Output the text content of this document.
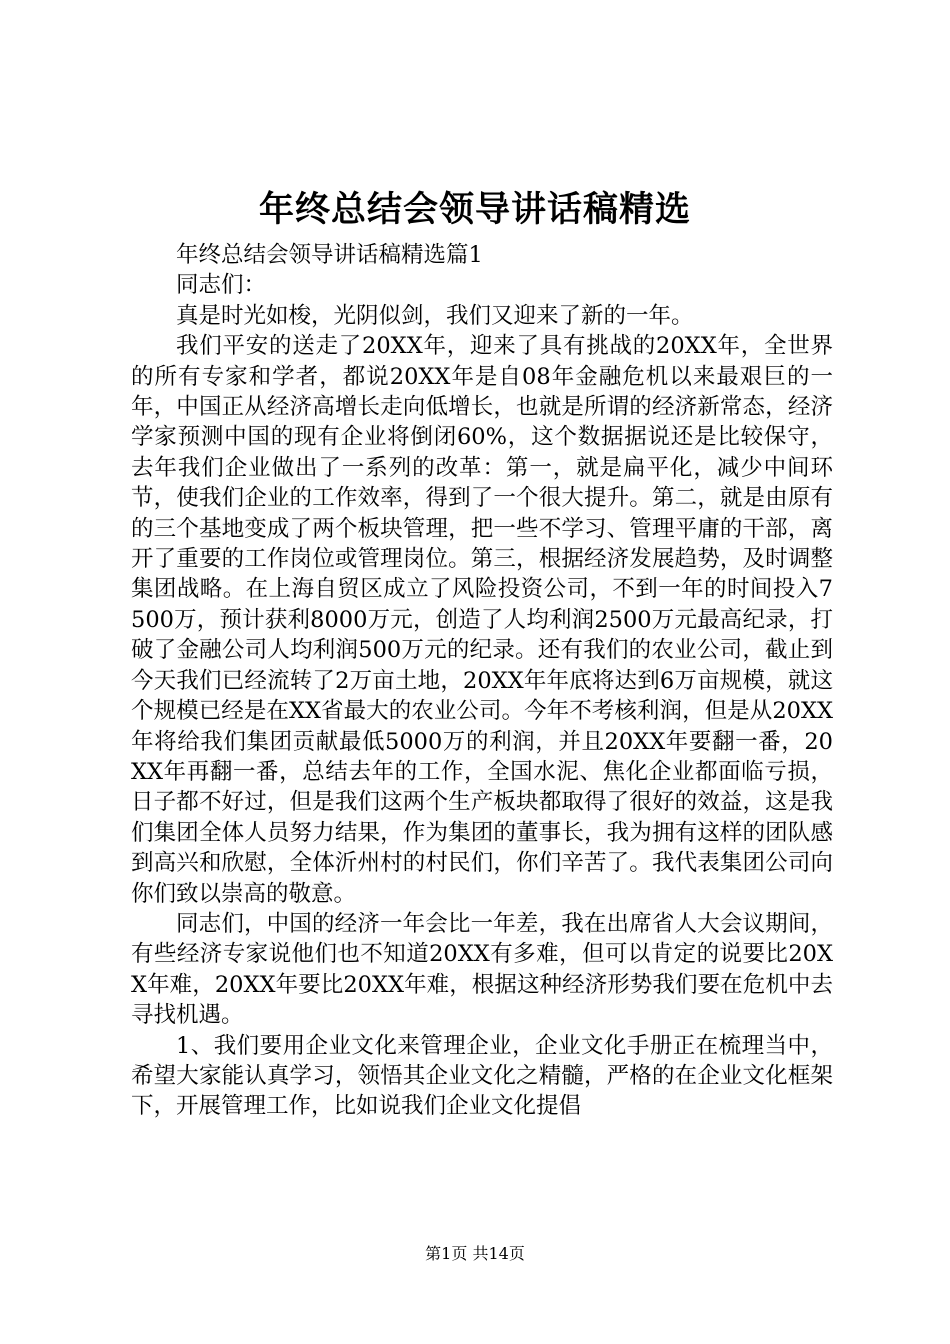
年终总结会领导讲话稿精选

年终总结会领导讲话稿精选篇1

同志们：

真是时光如梭，光阴似剑，我们又迎来了新的一年。

我们平安的送走了20XX年，迎来了具有挑战的20XX年，全世界的所有专家和学者，都说20XX年是自08年金融危机以来最艰巨的一年，中国正从经济高增长走向低增长，也就是所谓的经济新常态，经济学家预测中国的现有企业将倒闭60%，这个数据据说还是比较保守，去年我们企业做出了一系列的改革：第一，就是扁平化，减少中间环节，使我们企业的工作效率，得到了一个很大提升。第二，就是由原有的三个基地变成了两个板块管理，把一些不学习、管理平庸的干部，离开了重要的工作岗位或管理岗位。第三，根据经济发展趋势，及时调整集团战略。在上海自贸区成立了风险投资公司，不到一年的时间投入7500万，预计获利8000万元，创造了人均利润2500万元最高纪录，打破了金融公司人均利润500万元的纪录。还有我们的农业公司，截止到今天我们已经流转了2万亩土地，20XX年年底将达到6万亩规模，就这个规模已经是在XX省最大的农业公司。今年不考核利润，但是从20XX年将给我们集团贡献最低5000万的利润，并且20XX年要翻一番，20XX年再翻一番，总结去年的工作，全国水泥、焦化企业都面临亏损，日子都不好过，但是我们这两个生产板块都取得了很好的效益，这是我们集团全体人员努力结果，作为集团的董事长，我为拥有这样的团队感到高兴和欣慰，全体沂州村的村民们，你们辛苦了。我代表集团公司向你们致以崇高的敬意。

同志们，中国的经济一年会比一年差，我在出席省人大会议期间，有些经济专家说他们也不知道20XX有多难，但可以肯定的说要比20XX年难，20XX年要比20XX年难，根据这种经济形势我们要在危机中去寻找机遇。

1、我们要用企业文化来管理企业，企业文化手册正在梳理当中，希望大家能认真学习，领悟其企业文化之精髓，严格的在企业文化框架下，开展管理工作，比如说我们企业文化提倡

第1页 共14页
